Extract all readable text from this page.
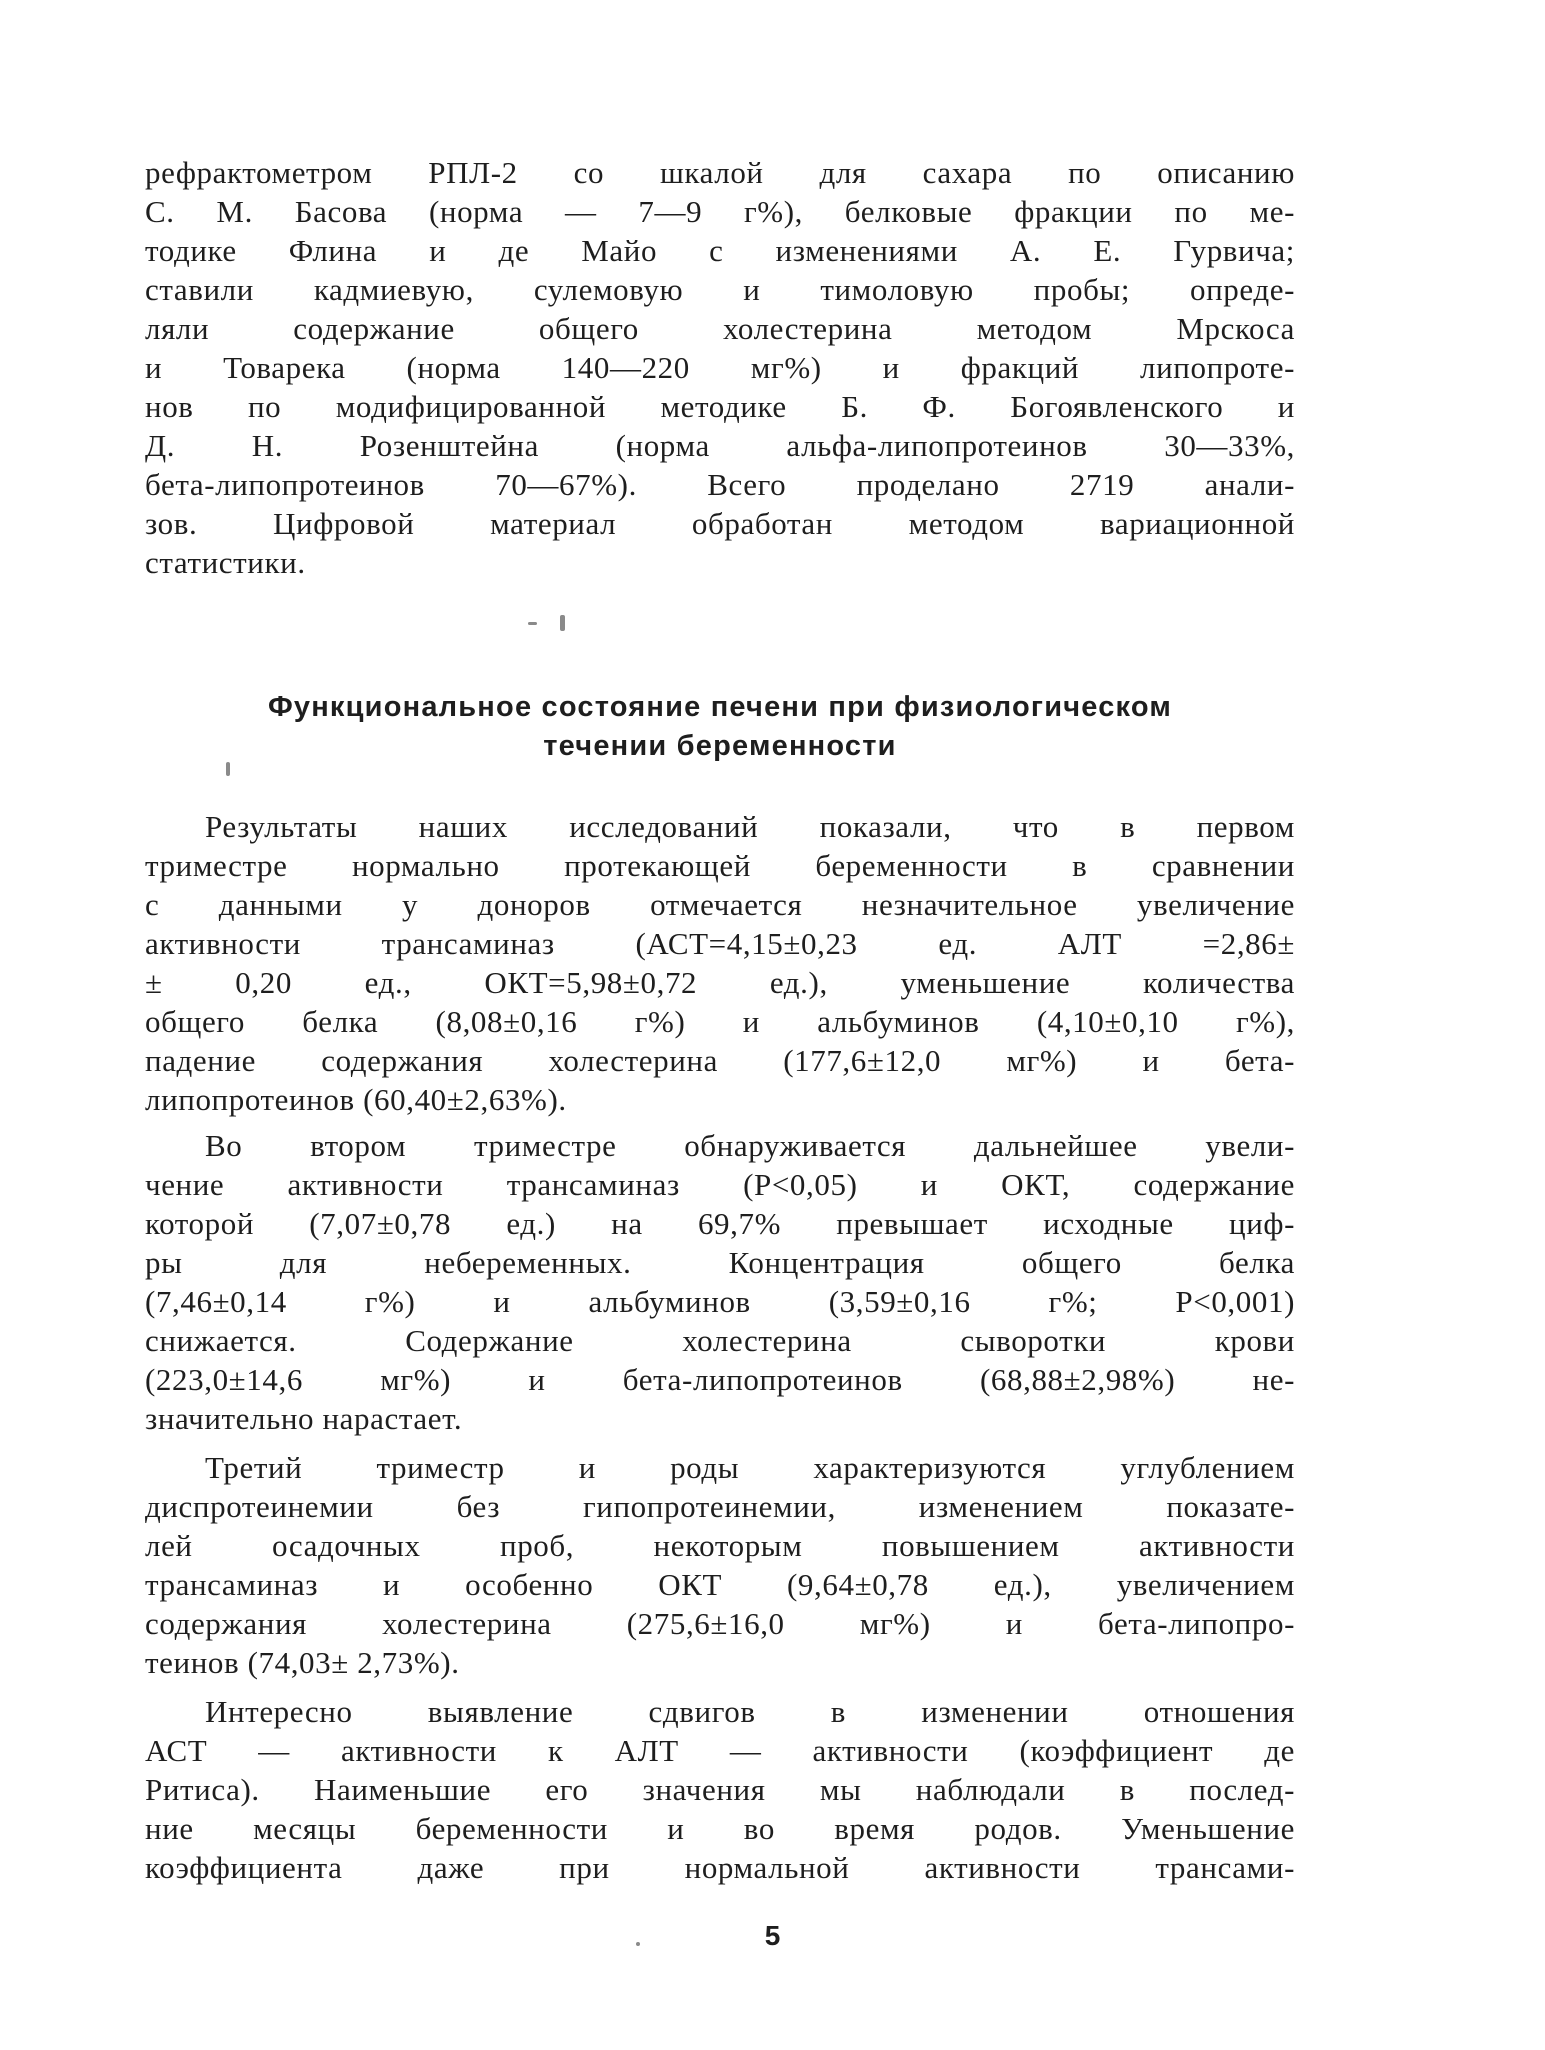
рефрактометром РПЛ-2 со шкалой для сахара по описанию
С. М. Басова (норма — 7—9 г%), белковые фракции по ме-
тодике Флина и де Майо с изменениями А. Е. Гурвича;
ставили кадмиевую, сулемовую и тимоловую пробы; опреде-
ляли содержание общего холестерина методом Мрскоса
и Товарека (норма 140—220 мг%) и фракций липопроте-
нов по модифицированной методике Б. Ф. Богоявленского и
Д. Н. Розенштейна (норма альфа-липопротеинов 30—33%,
бета-липопротеинов 70—67%). Всего проделано 2719 анали-
зов. Цифровой материал обработан методом вариационной
статистики.
Функциональное состояние печени при физиологическом
течении беременности
Результаты наших исследований показали, что в первом
триместре нормально протекающей беременности в сравнении
с данными у доноров отмечается незначительное увеличение
активности трансаминаз (АСТ=4,15±0,23 ед. АЛТ =2,86±
± 0,20 ед., ОКТ=5,98±0,72 ед.), уменьшение количества
общего белка (8,08±0,16 г%) и альбуминов (4,10±0,10 г%),
падение содержания холестерина (177,6±12,0 мг%) и бета-
липопротеинов (60,40±2,63%).
Во втором триместре обнаруживается дальнейшее увели-
чение активности трансаминаз (Р<0,05) и ОКТ, содержание
которой (7,07±0,78 ед.) на 69,7% превышает исходные циф-
ры для небеременных. Концентрация общего белка
(7,46±0,14 г%) и альбуминов (3,59±0,16 г%; Р<0,001)
снижается. Содержание холестерина сыворотки крови
(223,0±14,6 мг%) и бета-липопротеинов (68,88±2,98%) не-
значительно нарастает.
Третий триместр и роды характеризуются углублением
диспротеинемии без гипопротеинемии, изменением показате-
лей осадочных проб, некоторым повышением активности
трансаминаз и особенно ОКТ (9,64±0,78 ед.), увеличением
содержания холестерина (275,6±16,0 мг%) и бета-липопро-
теинов (74,03± 2,73%).
Интересно выявление сдвигов в изменении отношения
АСТ — активности к АЛТ — активности (коэффициент де
Ритиса). Наименьшие его значения мы наблюдали в послед-
ние месяцы беременности и во время родов. Уменьшение
коэффициента даже при нормальной активности трансами-
5
